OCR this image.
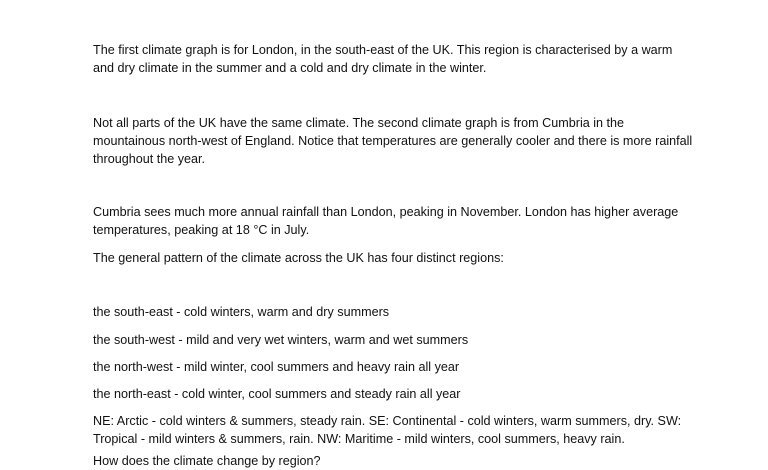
The first climate graph is for London, in the south-east of the UK. This region is characterised by a warm and dry climate in the summer and a cold and dry climate in the winter.

Not all parts of the UK have the same climate. The second climate graph is from Cumbria in the mountainous north-west of England. Notice that temperatures are generally cooler and there is more rainfall throughout the year.

Cumbria sees much more annual rainfall than London, peaking in November. London has higher average temperatures, peaking at 18 °C in July.

The general pattern of the climate across the UK has four distinct regions:

the south-east - cold winters, warm and dry summers

the south-west - mild and very wet winters, warm and wet summers

the north-west - mild winter, cool summers and heavy rain all year

the north-east - cold winter, cool summers and steady rain all year

NE: Arctic - cold winters & summers, steady rain. SE: Continental - cold winters, warm summers, dry. SW: Tropical - mild winters & summers, rain. NW: Maritime - mild winters, cool summers, heavy rain.

How does the climate change by region?
